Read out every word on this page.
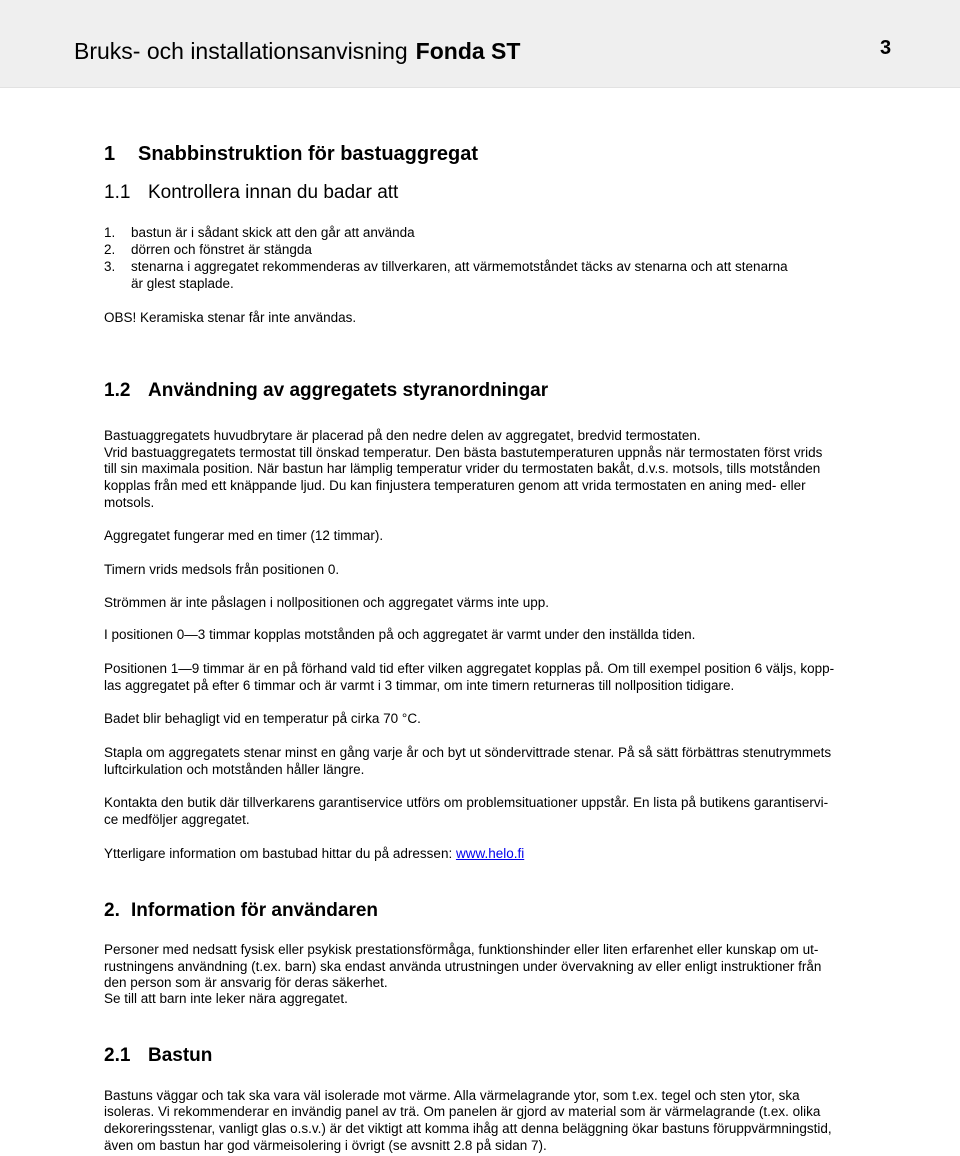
Bruks- och installationsanvisning Fonda ST	3
1 Snabbinstruktion för bastuaggregat
1.1 Kontrollera innan du badar att
1. bastun är i sådant skick att den går att använda
2. dörren och fönstret är stängda
3. stenarna i aggregatet rekommenderas av tillverkaren, att värmemotståndet täcks av stenarna och att stenarna
är glest staplade.
OBS! Keramiska stenar får inte användas.
1.2 Användning av aggregatets styranordningar
Bastuaggregatets huvudbrytare är placerad på den nedre delen av aggregatet, bredvid termostaten.
Vrid bastuaggregatets termostat till önskad temperatur. Den bästa bastutemperaturen uppnås när termostaten först vrids
till sin maximala position. När bastun har lämplig temperatur vrider du termostaten bakåt, d.v.s. motsols, tills motstånden
kopplas från med ett knäppande ljud. Du kan finjustera temperaturen genom att vrida termostaten en aning med- eller
motsols.
Aggregatet fungerar med en timer (12 timmar).
Timern vrids medsols från positionen 0.
Strömmen är inte påslagen i nollpositionen och aggregatet värms inte upp.
I positionen 0—3 timmar kopplas motstånden på och aggregatet är varmt under den inställda tiden.
Positionen 1—9 timmar är en på förhand vald tid efter vilken aggregatet kopplas på. Om till exempel position 6 väljs, kopp-
las aggregatet på efter 6 timmar och är varmt i 3 timmar, om inte timern returneras till nollposition tidigare.
Badet blir behagligt vid en temperatur på cirka 70 °C.
Stapla om aggregatets stenar minst en gång varje år och byt ut söndervittrade stenar. På så sätt förbättras stenutrymmets
luftcirkulation och motstånden håller längre.
Kontakta den butik där tillverkarens garantiservice utförs om problemsituationer uppstår. En lista på butikens garantiservi-
ce medföljer aggregatet.
Ytterligare information om bastubad hittar du på adressen: www.helo.fi
2. Information för användaren
Personer med nedsatt fysisk eller psykisk prestationsförmåga, funktionshinder eller liten erfarenhet eller kunskap om ut-
rustningens användning (t.ex. barn) ska endast använda utrustningen under övervakning av eller enligt instruktioner från
den person som är ansvarig för deras säkerhet.
Se till att barn inte leker nära aggregatet.
2.1 Bastun
Bastuns väggar och tak ska vara väl isolerade mot värme. Alla värmelagrande ytor, som t.ex. tegel och sten ytor, ska
isoleras. Vi rekommenderar en invändig panel av trä. Om panelen är gjord av material som är värmelagrande (t.ex. olika
dekoreringsstenar, vanligt glas o.s.v.) är det viktigt att komma ihåg att denna beläggning ökar bastuns föruppvärmningstid,
även om bastun har god värmeisolering i övrigt (se avsnitt 2.8 på sidan 7).
